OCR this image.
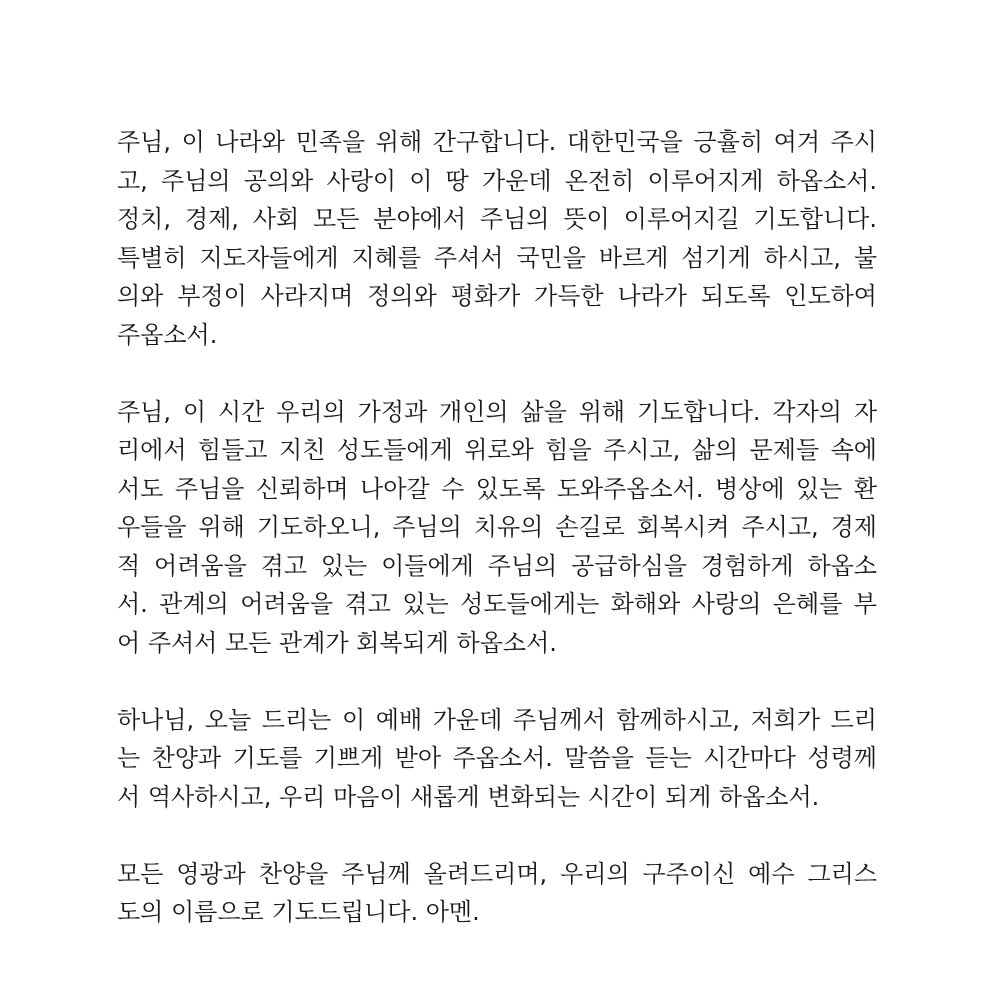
주님, 이 나라와 민족을 위해 간구합니다. 대한민국을 긍휼히 여겨 주시
고, 주님의 공의와 사랑이 이 땅 가운데 온전히 이루어지게 하옵소서.
정치, 경제, 사회 모든 분야에서 주님의 뜻이 이루어지길 기도합니다.
특별히 지도자들에게 지혜를 주셔서 국민을 바르게 섬기게 하시고, 불
의와 부정이 사라지며 정의와 평화가 가득한 나라가 되도록 인도하여
주옵소서.
주님, 이 시간 우리의 가정과 개인의 삶을 위해 기도합니다. 각자의 자
리에서 힘들고 지친 성도들에게 위로와 힘을 주시고, 삶의 문제들 속에
서도 주님을 신뢰하며 나아갈 수 있도록 도와주옵소서. 병상에 있는 환
우들을 위해 기도하오니, 주님의 치유의 손길로 회복시켜 주시고, 경제
적 어려움을 겪고 있는 이들에게 주님의 공급하심을 경험하게 하옵소
서. 관계의 어려움을 겪고 있는 성도들에게는 화해와 사랑의 은혜를 부
어 주셔서 모든 관계가 회복되게 하옵소서.
하나님, 오늘 드리는 이 예배 가운데 주님께서 함께하시고, 저희가 드리
는 찬양과 기도를 기쁘게 받아 주옵소서. 말씀을 듣는 시간마다 성령께
서 역사하시고, 우리 마음이 새롭게 변화되는 시간이 되게 하옵소서.
모든 영광과 찬양을 주님께 올려드리며, 우리의 구주이신 예수 그리스
도의 이름으로 기도드립니다. 아멘.
